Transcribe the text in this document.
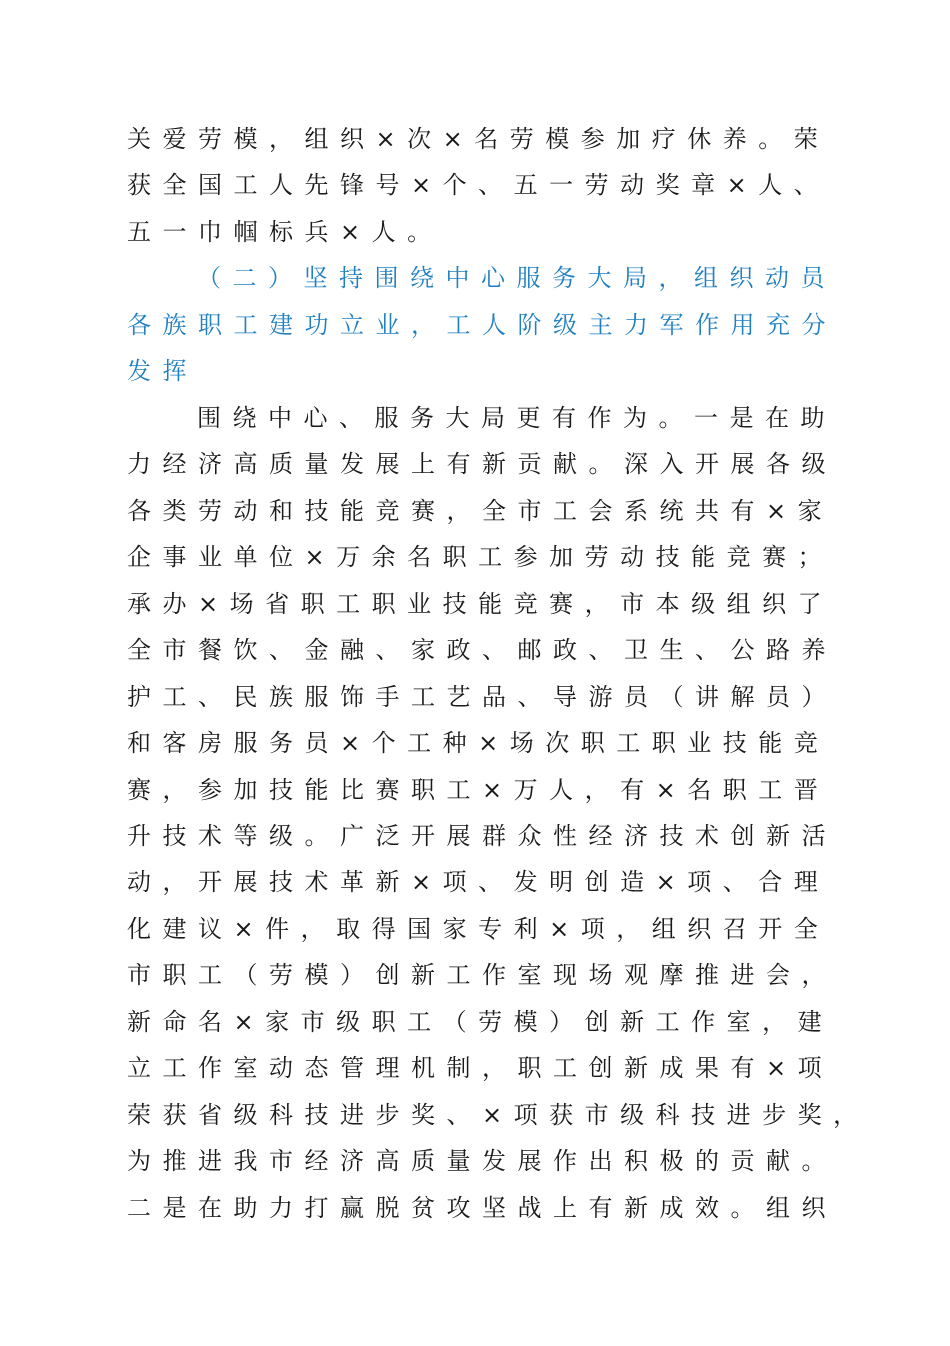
关爱劳模，组织×次×名劳模参加疗休养。荣
获全国工人先锋号×个、五一劳动奖章×人、
五一巾帼标兵×人。
（二）坚持围绕中心服务大局，组织动员
各族职工建功立业，工人阶级主力军作用充分
发挥
围绕中心、服务大局更有作为。一是在助
力经济高质量发展上有新贡献。深入开展各级
各类劳动和技能竞赛，全市工会系统共有×家
企事业单位×万余名职工参加劳动技能竞赛；
承办×场省职工职业技能竞赛，市本级组织了
全市餐饮、金融、家政、邮政、卫生、公路养
护工、民族服饰手工艺品、导游员（讲解员）
和客房服务员×个工种×场次职工职业技能竞
赛，参加技能比赛职工×万人，有×名职工晋
升技术等级。广泛开展群众性经济技术创新活
动，开展技术革新×项、发明创造×项、合理
化建议×件，取得国家专利×项，组织召开全
市职工（劳模）创新工作室现场观摩推进会，
新命名×家市级职工（劳模）创新工作室，建
立工作室动态管理机制，职工创新成果有×项
荣获省级科技进步奖、×项获市级科技进步奖，
为推进我市经济高质量发展作出积极的贡献。
二是在助力打赢脱贫攻坚战上有新成效。组织
